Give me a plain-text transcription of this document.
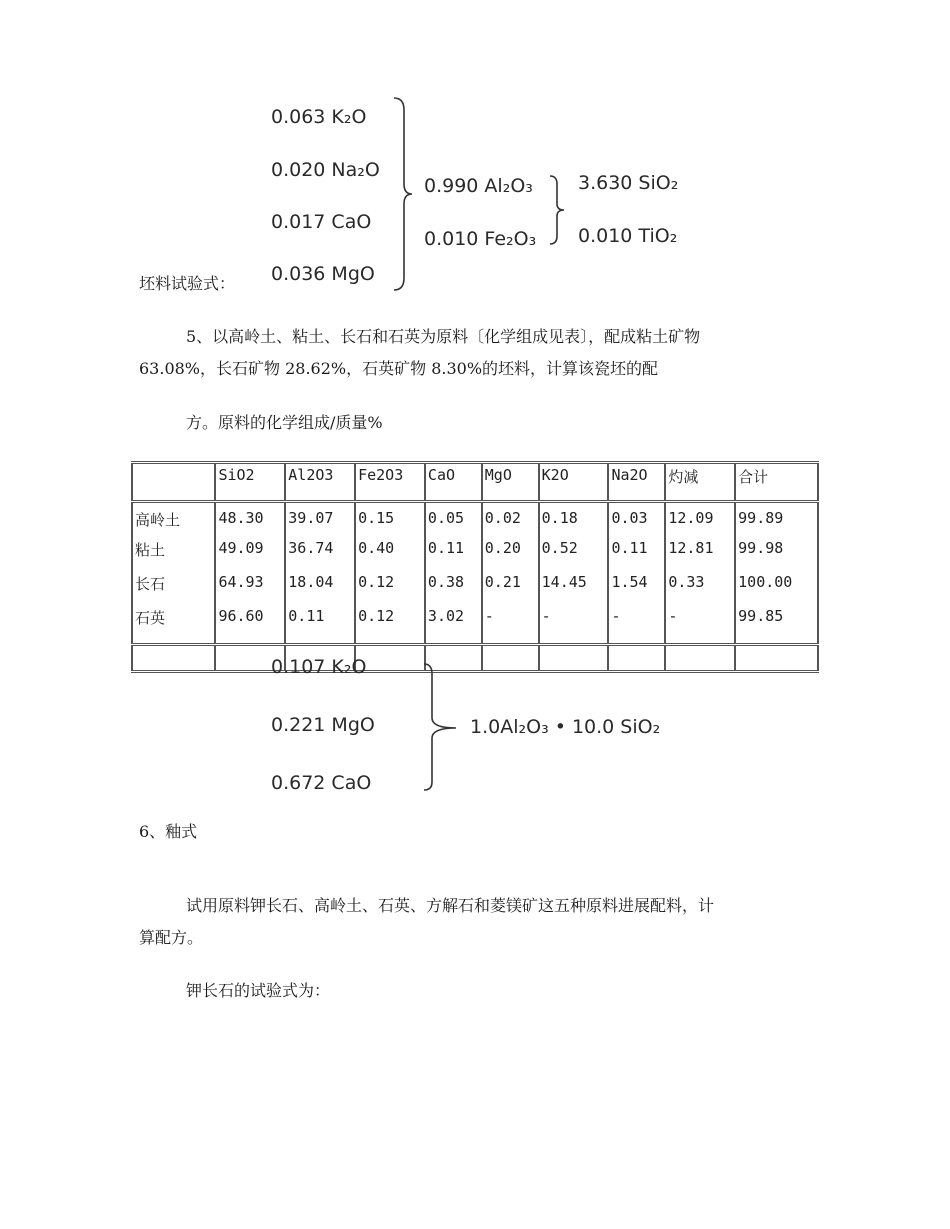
0.063 K₂O
0.020 Na₂O
0.017 CaO
0.036 MgO
0.990 Al₂O₃
0.010 Fe₂O₃
3.630 SiO₂
0.010 TiO₂
坯料试验式：
5、以高岭土、粘土、长石和石英为原料〔化学组成见表〕，配成粘土矿物
63.08%，长石矿物 28.62%，石英矿物 8.30%的坯料，计算该瓷坯的配
方。原料的化学组成/质量%
	SiO2	Al2O3	Fe2O3	CaO	MgO	K2O	Na2O	灼减	合计
高岭土	48.30	39.07	0.15	0.05	0.02	0.18	0.03	12.09	99.89
粘土	49.09	36.74	0.40	0.11	0.20	0.52	0.11	12.81	99.98
长石	64.93	18.04	0.12	0.38	0.21	14.45	1.54	0.33	100.00
石英	96.60	0.11	0.12	3.02	-	-	-	-	99.85

0.107 K₂O
0.221 MgO
0.672 CaO
1.0Al₂O₃ • 10.0 SiO₂
6、釉式
试用原料钾长石、高岭土、石英、方解石和菱镁矿这五种原料进展配料，计
算配方。
钾长石的试验式为：
